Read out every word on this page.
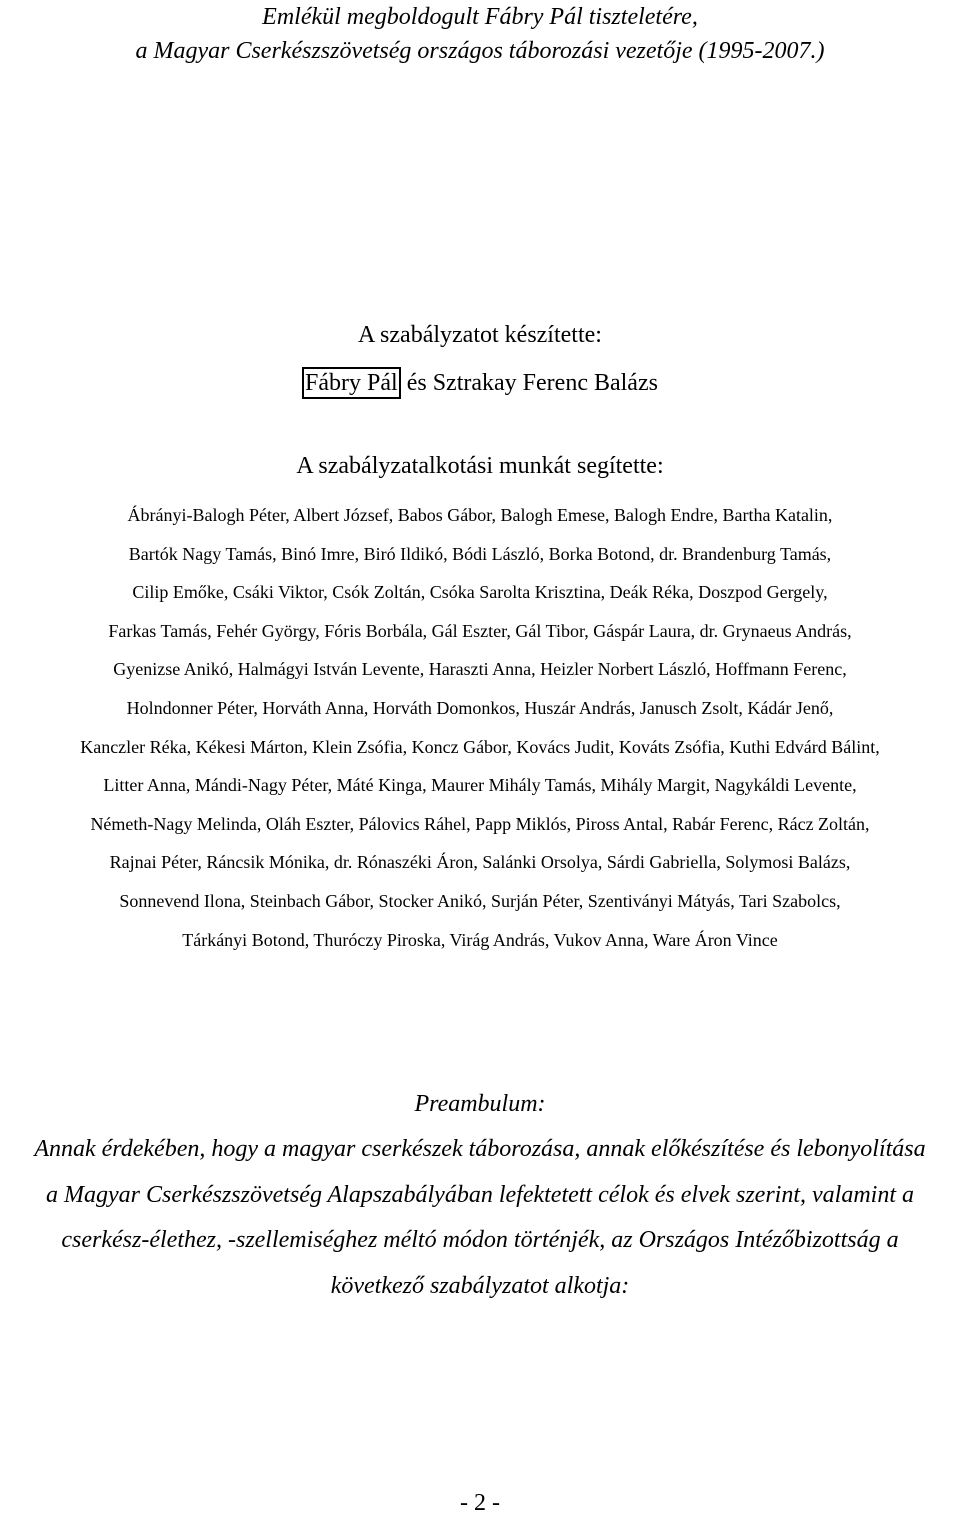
Emlékül megboldogult Fábry Pál tiszteletére,
a Magyar Cserkészszövetség országos táborozási vezetője (1995-2007.)
A szabályzatot készítette:
Fábry Pál és Sztrakay Ferenc Balázs
A szabályzatalkotási munkát segítette:
Ábrányi-Balogh Péter, Albert József, Babos Gábor, Balogh Emese, Balogh Endre, Bartha Katalin,
Bartók Nagy Tamás, Binó Imre, Biró Ildikó, Bódi László, Borka Botond, dr. Brandenburg Tamás,
Cilip Emőke, Csáki Viktor, Csók Zoltán, Csóka Sarolta Krisztina, Deák Réka, Doszpod Gergely,
Farkas Tamás, Fehér György, Fóris Borbála, Gál Eszter, Gál Tibor, Gáspár Laura, dr. Grynaeus András,
Gyenizse Anikó, Halmágyi István Levente, Haraszti Anna, Heizler Norbert László, Hoffmann Ferenc,
Holndonner Péter, Horváth Anna, Horváth Domonkos, Huszár András, Janusch Zsolt, Kádár Jenő,
Kanczler Réka, Kékesi Márton, Klein Zsófia, Koncz Gábor, Kovács Judit, Kováts Zsófia, Kuthi Edvárd Bálint,
Litter Anna, Mándi-Nagy Péter, Máté Kinga, Maurer Mihály Tamás, Mihály Margit, Nagykáldi Levente,
Németh-Nagy Melinda, Oláh Eszter, Pálovics Ráhel, Papp Miklós, Piross Antal, Rabár Ferenc, Rácz Zoltán,
Rajnai Péter, Ráncsik Mónika, dr. Rónaszéki Áron, Salánki Orsolya, Sárdi Gabriella, Solymosi Balázs,
Sonnevend Ilona, Steinbach Gábor, Stocker Anikó, Surján Péter, Szentiványi Mátyás, Tari Szabolcs,
Tárkányi Botond, Thuróczy Piroska, Virág András, Vukov Anna, Ware Áron Vince
Preambulum:
Annak érdekében, hogy a magyar cserkészek táborozása, annak előkészítése és lebonyolítása
a Magyar Cserkészszövetség Alapszabályában lefektetett célok és elvek szerint, valamint a
cserkész-élethez, -szellemiséghez méltó módon történjék, az Országos Intézőbizottság a
következő szabályzatot alkotja:
- 2 -
